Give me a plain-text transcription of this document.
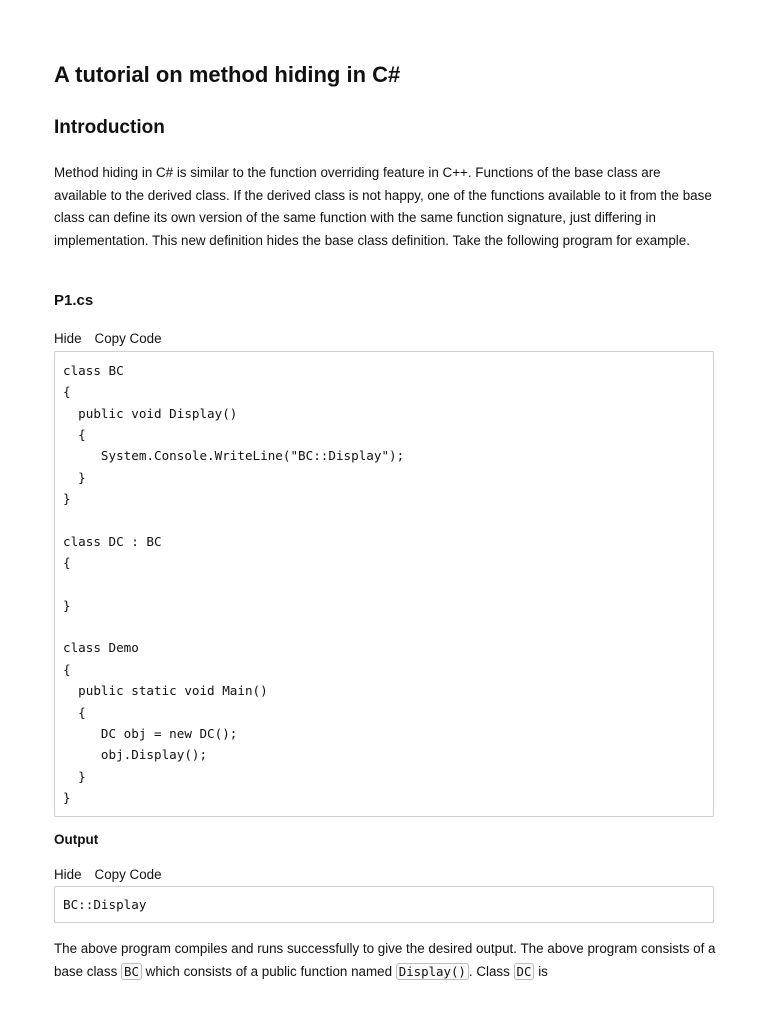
A tutorial on method hiding in C#
Introduction

Method hiding in C# is similar to the function overriding feature in C++. Functions of the base class are available to the derived class. If the derived class is not happy, one of the functions available to it from the base class can define its own version of the same function with the same function signature, just differing in implementation. This new definition hides the base class definition. Take the following program for example.

P1.cs
Hide Copy Code
class BC
{
public void Display()
{
System.Console.WriteLine("BC::Display");
}
}

class DC : BC
{

}

class Demo
{
public static void Main()
{
DC obj = new DC();
obj.Display();
}
}
Output
Hide Copy Code
BC::Display

The above program compiles and runs successfully to give the desired output. The above program consists of a base class BC which consists of a public function named Display() . Class DC is
